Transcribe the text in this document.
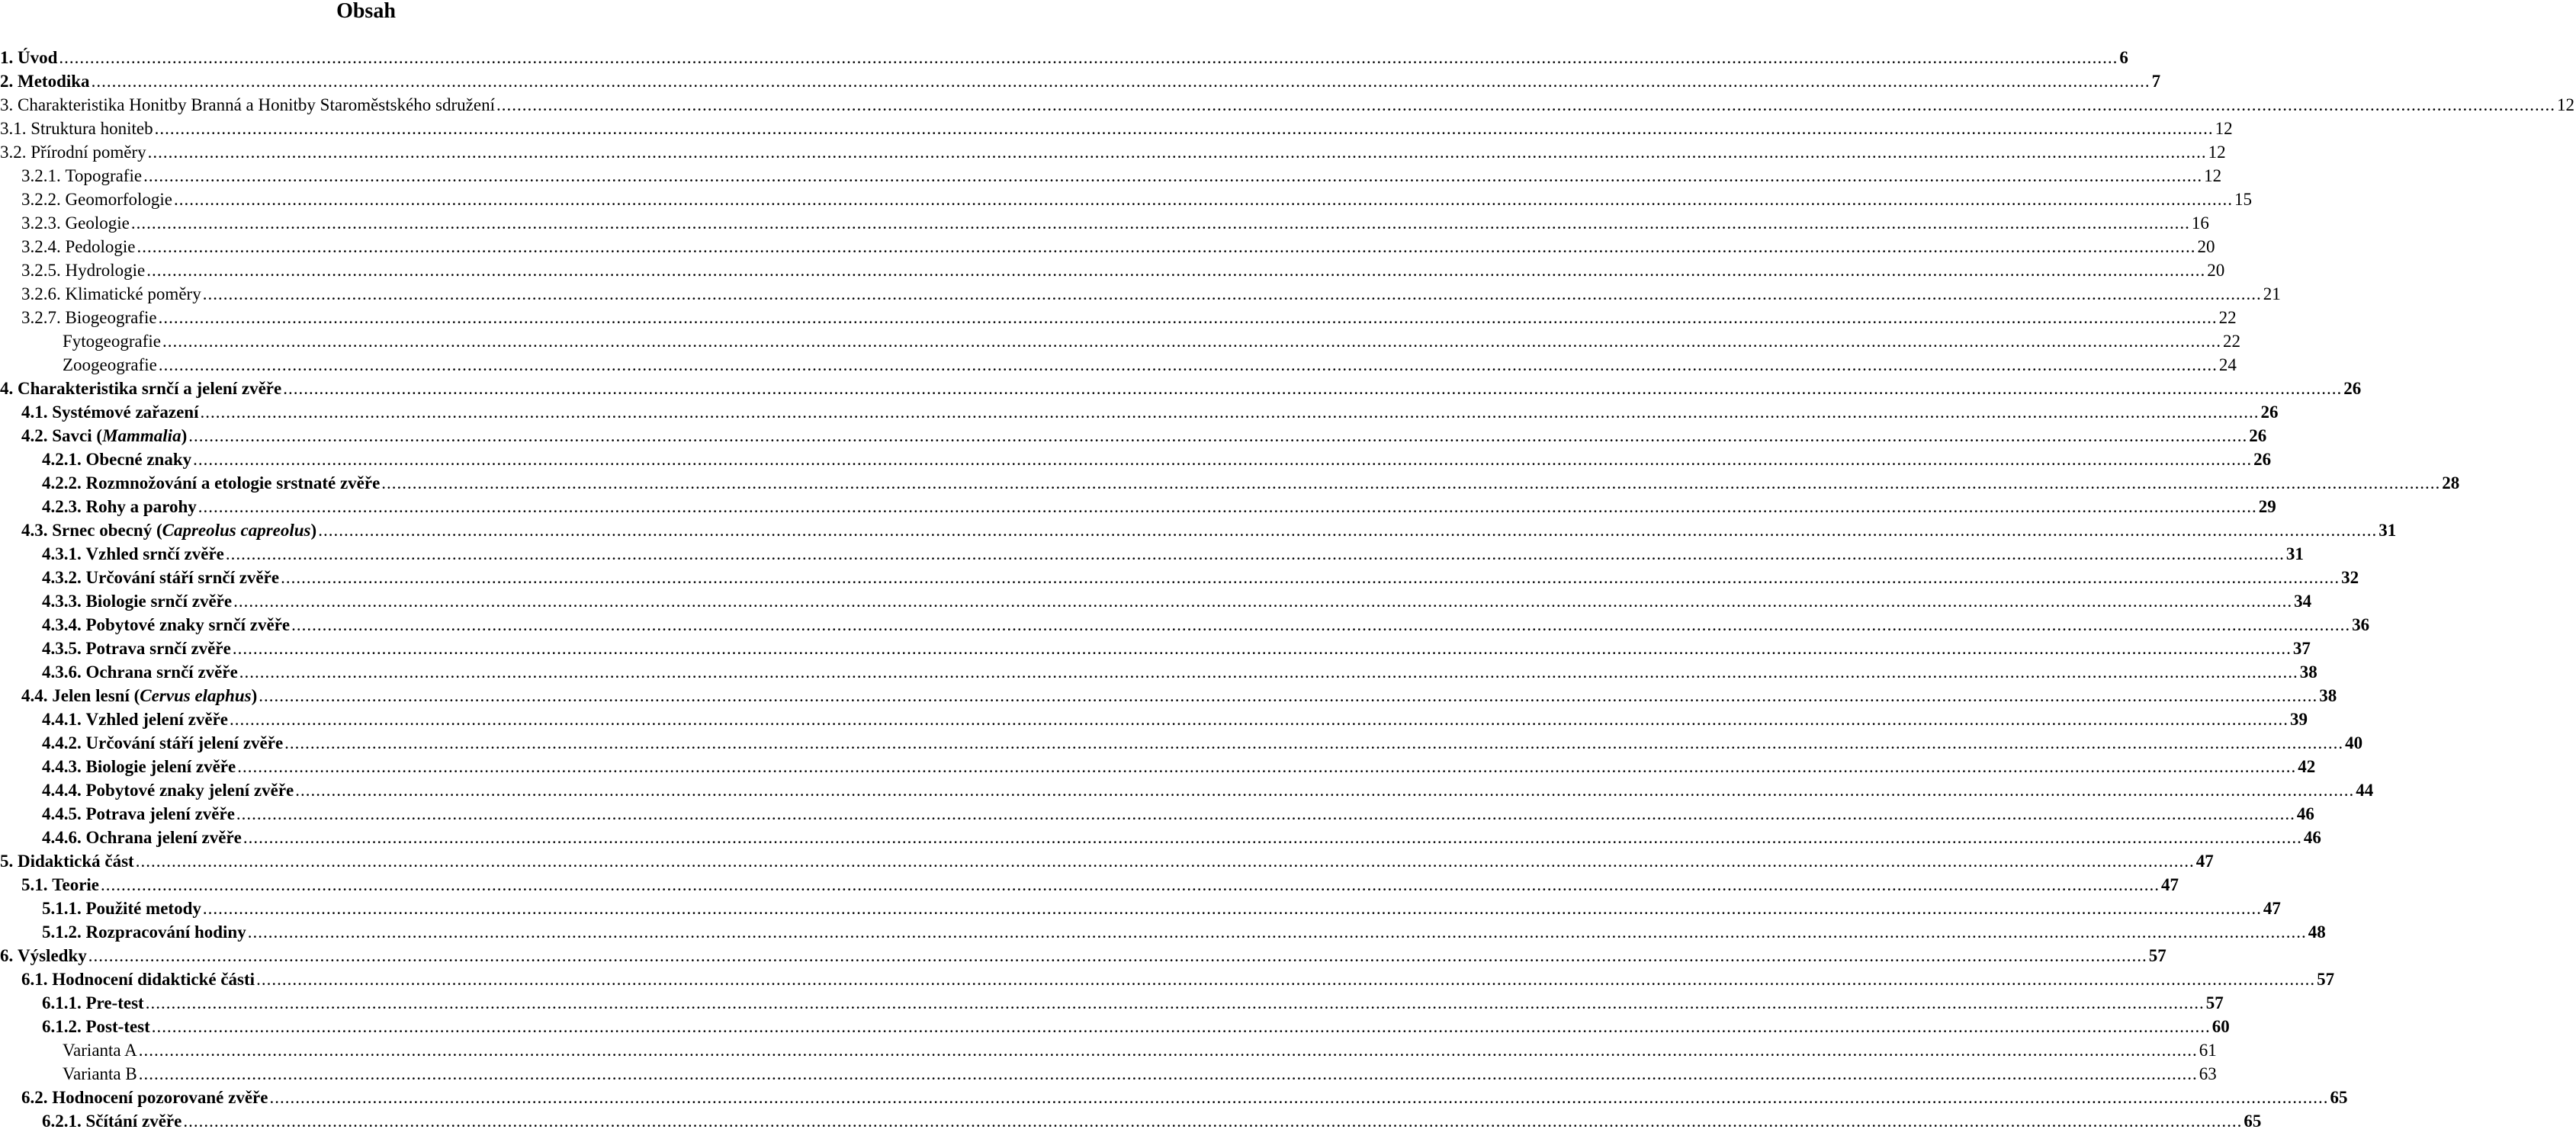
Obsah
1.
Úvod ................................................................................................................................................................................................................................................................................................................................................................................................................ 6
2.
Metodika ................................................................................................................................................................................................................................................................................................................................................................................................................ 7
3.
Charakteristika Honitby Branná a Honitby Staroměstského sdružení ................................................................................................................................................................................................................................................................................................................................................................................................................ 12
3.1.
Struktura honiteb ................................................................................................................................................................................................................................................................................................................................................................................................................ 12
3.2.
Přírodní poměry ................................................................................................................................................................................................................................................................................................................................................................................................................ 12
3.2.1.
Topografie ................................................................................................................................................................................................................................................................................................................................................................................................................ 12
3.2.2.
Geomorfologie ................................................................................................................................................................................................................................................................................................................................................................................................................ 15
3.2.3.
Geologie ................................................................................................................................................................................................................................................................................................................................................................................................................ 16
3.2.4.
Pedologie ................................................................................................................................................................................................................................................................................................................................................................................................................ 20
3.2.5.
Hydrologie ................................................................................................................................................................................................................................................................................................................................................................................................................ 20
3.2.6.
Klimatické poměry ................................................................................................................................................................................................................................................................................................................................................................................................................ 21
3.2.7.
Biogeografie ................................................................................................................................................................................................................................................................................................................................................................................................................ 22
Fytogeografie ................................................................................................................................................................................................................................................................................................................................................................................................................ 22
Zoogeografie ................................................................................................................................................................................................................................................................................................................................................................................................................ 24
4.
Charakteristika srnčí a jelení zvěře ................................................................................................................................................................................................................................................................................................................................................................................................................ 26
4.1.
Systémové zařazení ................................................................................................................................................................................................................................................................................................................................................................................................................ 26
4.2.
Savci ( Mammalia ) ................................................................................................................................................................................................................................................................................................................................................................................................................ 26
4.2.1.
Obecné znaky ................................................................................................................................................................................................................................................................................................................................................................................................................ 26
4.2.2.
Rozmnožování a etologie srstnaté zvěře ................................................................................................................................................................................................................................................................................................................................................................................................................ 28
4.2.3.
Rohy a parohy ................................................................................................................................................................................................................................................................................................................................................................................................................ 29
4.3.
Srnec obecný ( Capreolus capreolus ) ................................................................................................................................................................................................................................................................................................................................................................................................................ 31
4.3.1.
Vzhled srnčí zvěře ................................................................................................................................................................................................................................................................................................................................................................................................................ 31
4.3.2.
Určování stáří srnčí zvěře ................................................................................................................................................................................................................................................................................................................................................................................................................ 32
4.3.3.
Biologie srnčí zvěře ................................................................................................................................................................................................................................................................................................................................................................................................................ 34
4.3.4.
Pobytové znaky srnčí zvěře ................................................................................................................................................................................................................................................................................................................................................................................................................ 36
4.3.5.
Potrava srnčí zvěře ................................................................................................................................................................................................................................................................................................................................................................................................................ 37
4.3.6.
Ochrana srnčí zvěře ................................................................................................................................................................................................................................................................................................................................................................................................................ 38
4.4.
Jelen lesní ( Cervus elaphus ) ................................................................................................................................................................................................................................................................................................................................................................................................................ 38
4.4.1.
Vzhled jelení zvěře ................................................................................................................................................................................................................................................................................................................................................................................................................ 39
4.4.2.
Určování stáří jelení zvěře ................................................................................................................................................................................................................................................................................................................................................................................................................ 40
4.4.3.
Biologie jelení zvěře ................................................................................................................................................................................................................................................................................................................................................................................................................ 42
4.4.4.
Pobytové znaky jelení zvěře ................................................................................................................................................................................................................................................................................................................................................................................................................ 44
4.4.5.
Potrava jelení zvěře ................................................................................................................................................................................................................................................................................................................................................................................................................ 46
4.4.6.
Ochrana jelení zvěře ................................................................................................................................................................................................................................................................................................................................................................................................................ 46
5.
Didaktická část ................................................................................................................................................................................................................................................................................................................................................................................................................ 47
5.1.
Teorie ................................................................................................................................................................................................................................................................................................................................................................................................................ 47
5.1.1.
Použité metody ................................................................................................................................................................................................................................................................................................................................................................................................................ 47
5.1.2.
Rozpracování hodiny ................................................................................................................................................................................................................................................................................................................................................................................................................ 48
6.
Výsledky ................................................................................................................................................................................................................................................................................................................................................................................................................ 57
6.1.
Hodnocení didaktické části ................................................................................................................................................................................................................................................................................................................................................................................................................ 57
6.1.1.
Pre-test ................................................................................................................................................................................................................................................................................................................................................................................................................ 57
6.1.2.
Post-test ................................................................................................................................................................................................................................................................................................................................................................................................................ 60
Varianta A ................................................................................................................................................................................................................................................................................................................................................................................................................ 61
Varianta B ................................................................................................................................................................................................................................................................................................................................................................................................................ 63
6.2.
Hodnocení pozorované zvěře ................................................................................................................................................................................................................................................................................................................................................................................................................ 65
6.2.1.
Sčítání zvěře ................................................................................................................................................................................................................................................................................................................................................................................................................ 65
